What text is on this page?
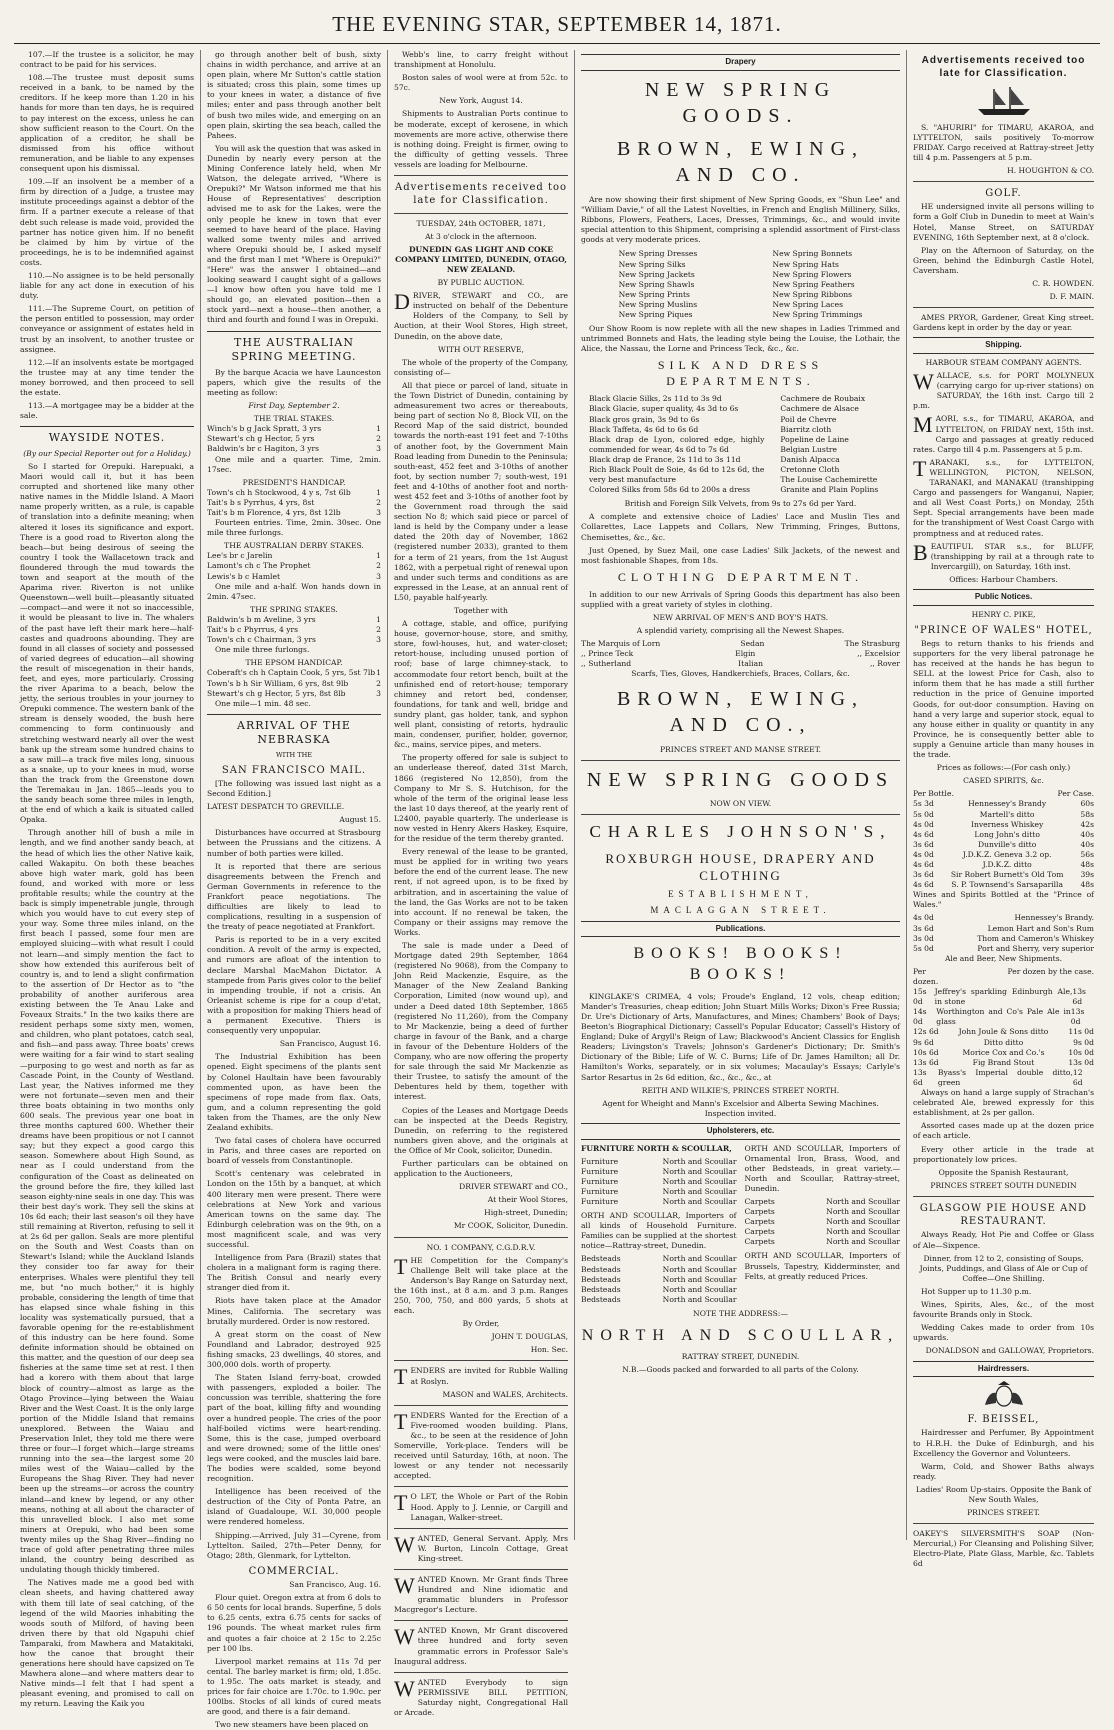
THE EVENING STAR, SEPTEMBER 14, 1871.

107.—If the trustee is a solicitor, he may contract to be paid for his services.

108.—The trustee must deposit sums received in a bank, to be named by the creditors. If he keep more than 1.20 in his hands for more than ten days, he is required to pay interest on the excess, unless he can show sufficient reason to the Court. On the application of a creditor, he shall be dismissed from his office without remuneration, and be liable to any expenses consequent upon his dismissal.

109.—If an insolvent be a member of a firm by direction of a Judge, a trustee may institute proceedings against a debtor of the firm. If a partner execute a release of that debt such release is made void, provided the partner has notice given him. If no benefit be claimed by him by virtue of the proceedings, he is to be indemnified against costs.

110.—No assignee is to be held personally liable for any act done in execution of his duty.

111.—The Supreme Court, on petition of the person entitled to possession, may order conveyance or assignment of estates held in trust by an insolvent, to another trustee or assignee.

112.—If an insolvents estate be mortgaged the trustee may at any time tender the money borrowed, and then proceed to sell the estate.

113.—A mortgagee may be a bidder at the sale.

WAYSIDE NOTES.

(By our Special Reporter out for a Holiday.)

So I started for Orepuki. Harepuaki, a Maori would call it, but it has been corrupted and shortened like many other native names in the Middle Island. A Maori name properly written, as a rule, is capable of translation into a definite meaning; when altered it loses its significance and export. There is a good road to Riverton along the beach—but being desirous of seeing the country I took the Wallacetown track and floundered through the mud towards the town and seaport at the mouth of the Aparima river. Riverton is not unlike Queenstown—well built—pleasantly situated—compact—and were it not so inaccessible, it would be pleasant to live in. The whalers of the past have left their mark here—half-castes and quadroons abounding. They are found in all classes of society and possessed of varied degrees of education—all showing the result of miscegenation in their hands, feet, and eyes, more particularly. Crossing the river Aparima to a beach, below the jetty, the serious troubles in your journey to Orepuki commence. The western bank of the stream is densely wooded, the bush here commencing to form continuously and stretching westward nearly all over the west bank up the stream some hundred chains to a saw mill—a track five miles long, sinuous as a snake, up to your knees in mud, worse than the track from the Greenstone down the Teremakau in Jan. 1865—leads you to the sandy beach some three miles in length, at the end of which a kaik is situated called Opaka.

Through another hill of bush a mile in length, and we find another sandy beach, at the head of which lies the other Native kaik, called Wakapitu. On both these beaches above high water mark, gold has been found, and worked with more or less profitable results; while the country at the back is simply impenetrable jungle, through which you would have to cut every step of your way. Some three miles inland, on the first beach I passed, some four men are employed sluicing—with what result I could not learn—and simply mention the fact to show how extended this auriferous belt of country is, and to lend a slight confirmation to the assertion of Dr Hector as to "the probability of another auriferous area existing between the Te Anau Lake and Foveaux Straits." In the two kaiks there are resident perhaps some sixty men, women, and children, who plant potatoes, catch seal, and fish—and pass away. Three boats' crews were waiting for a fair wind to start sealing—purposing to go west and north as far as Cascade Point, in the County of Westland. Last year, the Natives informed me they were not fortunate—seven men and their three boats obtaining in two months only 600 seals. The previous year one boat in three months captured 600. Whether their dreams have been propitious or not I cannot say; but they expect a good cargo this season. Somewhere about High Sound, as near as I could understand from the configuration of the Coast as delineated on the ground before the fire, they killed last season eighty-nine seals in one day. This was their best day's work. They sell the skins at 10s 6d each; their last season's oil they have still remaining at Riverton, refusing to sell it at 2s 6d per gallon. Seals are more plentiful on the South and West Coasts than on Stewart's Island; while the Auckland Islands they consider too far away for their enterprises. Whales were plentiful they tell me, but "no much bother," it is highly probable, considering the length of time that has elapsed since whale fishing in this locality was systematically pursued, that a favorable opening for the re-establishment of this industry can be here found. Some definite information should be obtained on this matter, and the question of our deep sea fisheries at the same time set at rest. I then had a korero with them about that large block of country—almost as large as the Otago Province—lying between the Waiau River and the West Coast. It is the only large portion of the Middle Island that remains unexplored. Between the Waiau and Preservation Inlet, they told me there were three or four—I forget which—large streams running into the sea—the largest some 20 miles west of the Waiau—called by the Europeans the Shag River. They had never been up the streams—or across the country inland—and knew by legend, or any other means, nothing at all about the character of this unravelled block. I also met some miners at Orepuki, who had been some twenty miles up the Shag River—finding no trace of gold after penetrating three miles inland, the country being described as undulating though thickly timbered.

The Natives made me a good bed with clean sheets, and having chattered away with them till late of seal catching, of the legend of the wild Maories inhabiting the woods south of Milford, of having been driven there by that old Ngapuhi chief Tamparaki, from Mawhera and Matakitaki, how the canoe that brought their generations here should have capsized on Te Mawhera alone—and where matters dear to Native minds—I felt that I had spent a pleasant evening, and promised to call on my return. Leaving the Kaik you

go through another belt of bush, sixty chains in width perchance, and arrive at an open plain, where Mr Sutton's cattle station is situated; cross this plain, some times up to your knees in water, a distance of five miles; enter and pass through another belt of bush two miles wide, and emerging on an open plain, skirting the sea beach, called the Pahees.

You will ask the question that was asked in Dunedin by nearly every person at the Mining Conference lately held, when Mr Watson, the delegate arrived, "Where is Orepuki?" Mr Watson informed me that his House of Representatives' description advised me to ask for the Lakes, were the only people he knew in town that ever seemed to have heard of the place. Having walked some twenty miles and arrived where Orepuki should be, I asked myself and the first man I met "Where is Orepuki?" "Here" was the answer I obtained—and looking seaward I caught sight of a gallows—I know how often you have told me I should go, an elevated position—then a stock yard—next a house—then another, a third and fourth and found I was in Orepuki.

THE AUSTRALIAN SPRING MEETING.

By the barque Acacia we have Launceston papers, which give the results of the meeting as follow:

First Day, September 2.

THE TRIAL STAKES.
Winch's b g Jack Spratt, 3 yrs	1
Stewart's ch g Hector, 5 yrs	2
Baldwin's br c Hagiton, 3 yrs	3

One mile and a quarter. Time, 2min. 17sec.

PRESIDENT'S HANDICAP.
Town's ch h Stockwood, 4 y s, 7st 6lb	1
Tait's b s Pyrrhus, 4 yrs, 8st	2
Tait's b m Florence, 4 yrs, 8st 12lb	3

Fourteen entries. Time, 2min. 30sec. One mile three furlongs.

THE AUSTRALIAN DERBY STAKES.
Lee's br c Jarelin	1
Lamont's ch c The Prophet	2
Lewis's b c Hamlet	3

One mile and a-half. Won hands down in 2min. 47sec.

THE SPRING STAKES.
Baldwin's b m Aveline, 3 yrs	1
Tait's b c Phyrrus, 4 yrs	2
Town's ch c Chairman, 3 yrs	3

One mile three furlongs.

THE EPSOM HANDICAP.
Coberaft's ch h Captain Cook, 5 yrs, 5st 7lb 1
Town's b h Sir William, 6 yrs, 8st 9lb	2
Stewart's ch g Hector, 5 yrs, 8st 8lb	3

One mile—1 min. 48 sec.

ARRIVAL OF THE NEBRASKA
WITH THE
SAN FRANCISCO MAIL.

[The following was issued last night as a Second Edition.]

LATEST DESPATCH TO GREVILLE.

August 15.

Disturbances have occurred at Strasbourg between the Prussians and the citizens. A number of both parties were killed.

It is reported that there are serious disagreements between the French and German Governments in reference to the Frankfort peace negotiations. The difficulties are likely to lead to complications, resulting in a suspension of the treaty of peace negotiated at Frankfort.

Paris is reported to be in a very excited condition. A revolt of the army is expected, and rumors are afloat of the intention to declare Marshal MacMahon Dictator. A stampede from Paris gives color to the belief in impending trouble, if not a crisis. An Orleanist scheme is ripe for a coup d'etat, with a proposition for making Thiers head of a permanent Executive. Thiers is consequently very unpopular.

San Francisco, August 16.

The Industrial Exhibition has been opened. Eight specimens of the plants sent by Colonel Haultain have been favourably commented upon, as have been the specimens of rope made from flax. Oats, gum, and a column representing the gold taken from the Thames, are the only New Zealand exhibits.

Two fatal cases of cholera have occurred in Paris, and three cases are reported on board of vessels from Constantinople.

Scott's centenary was celebrated in London on the 15th by a banquet, at which 400 literary men were present. There were celebrations at New York and various American towns on the same day. The Edinburgh celebration was on the 9th, on a most magnificent scale, and was very successful.

Intelligence from Para (Brazil) states that cholera in a malignant form is raging there. The British Consul and nearly every stranger died from it.

Riots have taken place at the Amador Mines, California. The secretary was brutally murdered. Order is now restored.

A great storm on the coast of New Foundland and Labrador, destroyed 925 fishing smacks, 23 dwellings, 40 stores, and 300,000 dols. worth of property.

The Staten Island ferry-boat, crowded with passengers, exploded a boiler. The concussion was terrible, shattering the fore part of the boat, killing fifty and wounding over a hundred people. The cries of the poor half-boiled victims were heart-rending. Some, this is the case, jumped overboard and were drowned; some of the little ones' legs were cooked, and the muscles laid bare. The bodies were scalded, some beyond recognition.

Intelligence has been received of the destruction of the City of Ponta Patre, an island of Guadaloupe, W.I. 30,000 people were rendered homeless.

Shipping.—Arrived, July 31—Cyrene, from Lyttelton. Sailed, 27th—Peter Denny, for Otago; 28th, Glenmark, for Lyttelton.

COMMERCIAL.

San Francisco, Aug. 16.

Flour quiet. Oregon extra at from 6 dols to 6 50 cents for local brands. Superfine, 5 dols to 6.25 cents, extra 6.75 cents for sacks of 196 pounds. The wheat market rules firm and quotes a fair choice at 2 15c to 2.25c per 100 lbs.

Liverpool market remains at 11s 7d per cental. The barley market is firm; old, 1.85c. to 1.95c. The oats market is steady, and prices for fair choice are 1.70c. to 1.90c. per 100lbs. Stocks of all kinds of cured meats are good, and there is a fair demand.

Two new steamers have been placed on

Webb's line, to carry freight without transhipment at Honolulu.

Boston sales of wool were at from 52c. to 57c.

New York, August 14.

Shipments to Australian Ports continue to be moderate, except of kerosene, in which movements are more active, otherwise there is nothing doing. Freight is firmer, owing to the difficulty of getting vessels. Three vessels are loading for Melbourne.

Advertisements received too late for Classification.

TUESDAY, 24th OCTOBER, 1871,

At 3 o'clock in the afternoon.

DUNEDIN GAS LIGHT AND COKE COMPANY LIMITED, DUNEDIN, OTAGO, NEW ZEALAND.

BY PUBLIC AUCTION.

DRIVER, STEWART and CO., are instructed on behalf of the Debenture Holders of the Company, to Sell by Auction, at their Wool Stores, High street, Dunedin, on the above date,

WITH OUT RESERVE,

The whole of the property of the Company, consisting of—

All that piece or parcel of land, situate in the Town District of Dunedin, containing by admeasurement two acres or thereabouts, being part of section No 8, Block VII, on the Record Map of the said district, bounded towards the north-east 191 feet and 7-10ths of another foot, by the Government Main Road leading from Dunedin to the Peninsula; south-east, 452 feet and 3-10ths of another foot, by section number 7; south-west, 191 feet and 4-10ths of another foot and north-west 452 feet and 3-10ths of another foot by the Government road through the said section No 8; which said piece or parcel of land is held by the Company under a lease dated the 20th day of November, 1862 (registered number 2033), granted to them for a term of 21 years, from the 1st August 1862, with a perpetual right of renewal upon and under such terms and conditions as are expressed in the Lease, at an annual rent of L50, payable half-yearly.

Together with

A cottage, stable, and office, purifying house, governor-house, store, and smithy, store, fowl-houses, hut, and water-closet; retort-house, including unused portion of roof; base of large chimney-stack, to accommodate four retort bench, built at the unfinished end of retort-house; temporary chimney and retort bed, condenser, foundations, for tank and well, bridge and sundry plant, gas holder, tank, and syphon well plant, consisting of retorts, hydraulic main, condenser, purifier, holder, governor, &c., mains, service pipes, and meters.

The property offered for sale is subject to an underlease thereof, dated 31st March, 1866 (registered No 12,850), from the Company to Mr S. S. Hutchison, for the whole of the term of the original lease less the last 10 days thereof, at the yearly rent of L2400, payable quarterly. The underlease is now vested in Henry Akers Haskey, Esquire, for the residue of the term thereby granted.

Every renewal of the lease to be granted, must be applied for in writing two years before the end of the current lease. The new rent, if not agreed upon, is to be fixed by arbitration, and in ascertaining the value of the land, the Gas Works are not to be taken into account. If no renewal be taken, the Company or their assigns may remove the Works.

The sale is made under a Deed of Mortgage dated 29th September, 1864 (registered No 9068), from the Company to John Reid Mackenzie, Esquire, as the Manager of the New Zealand Banking Corporation, Limited (now wound up), and under a Deed dated 18th September, 1865 (registered No 11,260), from the Company to Mr Mackenzie, being a deed of further charge in favour of the Bank, and a charge in favour of the Debenture Holders of the Company, who are now offering the property for sale through the said Mr Mackenzie as their Trustee, to satisfy the amount of the Debentures held by them, together with interest.

Copies of the Leases and Mortgage Deeds can be inspected at the Deeds Registry, Dunedin, on referring to the registered numbers given above, and the originals at the Office of Mr Cook, solicitor, Dunedin.

Further particulars can be obtained on application to the Auctioneers,

DRIVER STEWART and CO.,

At their Wool Stores,

High-street, Dunedin;

Mr COOK, Solicitor, Dunedin.

NO. 1 COMPANY, C.G.D.R.V.

THE Competition for the Company's Challenge Belt will take place at the Anderson's Bay Range on Saturday next, the 16th inst., at 8 a.m. and 3 p.m. Ranges 250, 700, 750, and 800 yards, 5 shots at each.

By Order,

JOHN T. DOUGLAS,

Hon. Sec.

TENDERS are invited for Rubble Walling at Roslyn.

MASON and WALES, Architects.

TENDERS Wanted for the Erection of a Five-roomed wooden building. Plans, &c., to be seen at the residence of John Somerville, York-place. Tenders will be received until Saturday, 16th, at noon. The lowest or any tender not necessarily accepted.

T O LET, the Whole or Part of the Robin Hood. Apply to J. Lennie, or Cargill and Lanagan, Walker-street.

WANTED, General Servant. Apply, Mrs W. Burton, Lincoln Cottage, Great King-street.

WANTED Known. Mr Grant finds Three Hundred and Nine idiomatic and grammatic blunders in Professor Macgregor's Lecture.

WANTED Known, Mr Grant discovered three hundred and forty seven grammatic errors in Professor Sale's Inaugural address.

WANTED Everybody to sign PERMISSIVE BILL PETITION, Saturday night, Congregational Hall or Arcade.

Drapery
NEW SPRING GOODS.
BROWN, EWING, AND CO.

Are now showing their first shipment of New Spring Goods, ex "Shun Lee" and "William Davie," of all the Latest Novelties, in French and English Millinery, Silks, Ribbons, Flowers, Feathers, Laces, Dresses, Trimmings, &c., and would invite special attention to this Shipment, comprising a splendid assortment of First-class goods at very moderate prices.

New Spring Dresses
New Spring Silks
New Spring Jackets
New Spring Shawls
New Spring Prints
New Spring Muslins
New Spring Piques
New Spring Bonnets
New Spring Hats
New Spring Flowers
New Spring Feathers
New Spring Ribbons
New Spring Laces
New Spring Trimmings

Our Show Room is now replete with all the new shapes in Ladies Trimmed and untrimmed Bonnets and Hats, the leading style being the Louise, the Lothair, the Alice, the Nassau, the Lorne and Princess Teck, &c., &c.

SILK AND DRESS DEPARTMENTS.
Black Glacie Silks, 2s 11d to 3s 9d
Black Glacie, super quality, 4s 3d to 6s
Black gros grain, 3s 9d to 6s
Black Taffeta, 4s 6d to 6s 6d
Black drap de Lyon, colored edge, highly commended for wear, 4s 6d to 7s 6d
Black drap de France, 2s 11d to 3s 11d
Rich Black Poult de Soie, 4s 6d to 12s 6d, the very best manufacture
Colored Silks from 58s 6d to 200s a dress
Cachmere de Roubaix
Cachmere de Alsace
Poil de Chevre
Biarritz cloth
Popeline de Laine
Belgian Lustre
Danish Alpacca
Cretonne Cloth
The Louise Cachemirette
Granite and Plain Poplins

British and Foreign Silk Velvets, from 9s to 27s 6d per Yard.

A complete and extensive choice of Ladies' Lace and Muslin Ties and Collarettes, Lace Lappets and Collars, New Trimming, Fringes, Buttons, Chemisettes, &c., &c.

Just Opened, by Suez Mail, one case Ladies' Silk Jackets, of the newest and most fashionable Shapes, from 18s.

CLOTHING DEPARTMENT.

In addition to our new Arrivals of Spring Goods this department has also been supplied with a great variety of styles in clothing.

NEW ARRIVAL OF MEN'S AND BOY'S HATS.

A splendid variety, comprising all the Newest Shapes.

The Marquis of Lorn	Sedan	The Strasburg
,, Prince Teck	Elgin	,, Excelsior
,, Sutherland	Italian	,, Rover

Scarfs, Ties, Gloves, Handkerchiefs, Braces, Collars, &c.

BROWN, EWING, AND CO.,

PRINCES STREET AND MANSE STREET.

NEW SPRING GOODS

NOW ON VIEW.

CHARLES JOHNSON'S,
ROXBURGH HOUSE, DRAPERY AND CLOTHING
ESTABLISHMENT,
MACLAGGAN STREET.
Publications.
BOOKS! BOOKS! BOOKS!

KINGLAKE'S CRIMEA, 4 vols; Froude's England, 12 vols, cheap edition; Mander's Treasuries, cheap edition; John Stuart Mills Works; Dixon's Free Russia; Dr. Ure's Dictionary of Arts, Manufactures, and Mines; Chambers' Book of Days; Beeton's Biographical Dictionary; Cassell's Popular Educator; Cassell's History of England; Duke of Argyll's Reign of Law; Blackwood's Ancient Classics for English Readers; Livingston's Travels; Johnson's Gardener's Dictionary; Dr. Smith's Dictionary of the Bible; Life of W. C. Burns; Life of Dr. James Hamilton; all Dr. Hamilton's Works, separately, or in six volumes; Macaulay's Essays; Carlyle's Sartor Resartus in 2s 6d edition, &c., &c., &c., at

REITH AND WILKIE'S, PRINCES STREET NORTH.

Agent for Wheight and Mann's Excelsior and Alberta Sewing Machines. Inspection invited.

Upholsterers, etc.

FURNITURE NORTH & SCOULLAR,

Furniture	North and Scoullar
Furniture	North and Scoullar
Furniture	North and Scoullar
Furniture	North and Scoullar
Furniture	North and Scoullar

ORTH AND SCOULLAR, Importers of all kinds of Household Furniture. Families can be supplied at the shortest notice—Rattray-street, Dunedin.

Bedsteads	North and Scoullar
Bedsteads	North and Scoullar
Bedsteads	North and Scoullar
Bedsteads	North and Scoullar
Bedsteads	North and Scoullar

ORTH AND SCOULLAR, Importers of Ornamental Iron, Brass, Wood, and other Bedsteads, in great variety.—North and Scoullar, Rattray-street, Dunedin.

Carpets	North and Scoullar
Carpets	North and Scoullar
Carpets	North and Scoullar
Carpets	North and Scoullar
Carpets	North and Scoullar

ORTH AND SCOULLAR, Importers of Brussels, Tapestry, Kidderminster, and Felts, at greatly reduced Prices.

NOTE THE ADDRESS:—

NORTH AND SCOULLAR,

RATTRAY STREET, DUNEDIN.

N.B.—Goods packed and forwarded to all parts of the Colony.

Advertisements received too late for Classification.

S. "AHURIRI" for TIMARU, AKAROA, and LYTTELTON, sails positively To-morrow FRIDAY. Cargo received at Rattray-street Jetty till 4 p.m. Passengers at 5 p.m.

H. HOUGHTON & CO.

GOLF.

HE undersigned invite all persons willing to form a Golf Club in Dunedin to meet at Wain's Hotel, Manse Street, on SATURDAY EVENING, 16th September next, at 8 o'clock.

Play on the Afternoon of Saturday, on the Green, behind the Edinburgh Castle Hotel, Caversham.

C. R. HOWDEN.

D. F. MAIN.

AMES PRYOR, Gardener, Great King street. Gardens kept in order by the day or year.

Shipping.

HARBOUR STEAM COMPANY AGENTS.

WALLACE, s.s. for PORT MOLYNEUX (carrying cargo for up-river stations) on SATURDAY, the 16th inst. Cargo till 2 p.m.

MAORI, s.s., for TIMARU, AKAROA, and LYTTELTON, on FRIDAY next, 15th inst. Cargo and passages at greatly reduced rates. Cargo till 4 p.m. Passengers at 5 p.m.

TARANAKI, s.s., for LYTTELTON, WELLINGTON, PICTON, NELSON, TARANAKI, and MANAKAU (transhipping Cargo and passengers for Wanganui, Napier, and all West Coast Ports,) on Monday, 25th Sept. Special arrangements have been made for the transhipment of West Coast Cargo with promptness and at reduced rates.

BEAUTIFUL STAR s.s., for BLUFF, (transhipping by rail at a through rate to Invercargill), on Saturday, 16th inst.

Offices: Harbour Chambers.

Public Notices.

HENRY C. PIKE,

"PRINCE OF WALES" HOTEL,

Begs to return thanks to his friends and supporters for the very liberal patronage he has received at the hands he has begun to SELL at the lowest Price for Cash, also to inform them that he has made a still further reduction in the price of Genuine imported Goods, for out-door consumption. Having on hand a very large and superior stock, equal to any house either in quality or quantity in any Province, he is consequently better able to supply a Genuine article than many houses in the trade.

Prices as follows:—(For cash only.)

CASED SPIRITS, &c.

Per Bottle.	Per Case.
5s 3d	Hennessey's Brandy	60s
5s 0d	Martell's ditto	58s
4s 0d	Inverness Whiskey	42s
4s 6d	Long John's ditto	40s
3s 6d	Dunville's ditto	40s
4s 0d	J.D.K.Z. Geneva 3.2 op.	56s
4s 6d	J.D.K.Z. ditto	48s
3s 6d Sir Robert Burnett's Old Tom 39s
4s 6d S. P. Townsend's Sarsaparilla 48s

Wines and Spirits Bottled at the "Prince of Wales."

4s 0d	Hennessey's Brandy.
3s 6d	Lemon Hart and Son's Rum
3s 0d	Thom and Cameron's Whiskey
5s 0d	Port and Sherry, very superior

Ale and Beer, New Shipments.

Per	Per dozen by the case.
dozen.
15s 0d
Jeffrey's sparkling Edinburgh Ale, in stone
13s 6d
14s 0d
Worthington and Co's Pale Ale in glass
13s 0d
12s 6d	John Joule & Sons ditto	11s 0d
9s 6d	Ditto ditto	9s 0d
10s 6d	Morice Cox and Co.'s	10s 0d
13s 6d	Fig Brand Stout	13s 0d
13s 6d
Byass's Imperial double ditto, green
12 6d

Always on hand a large supply of Strachan's celebrated Ale, brewed expressly for this establishment, at 2s per gallon.

Assorted cases made up at the dozen price of each article.

Every other article in the trade at proportionately low prices.

Opposite the Spanish Restaurant,

PRINCES STREET SOUTH DUNEDIN

GLASGOW PIE HOUSE AND RESTAURANT.

Always Ready, Hot Pie and Coffee or Glass of Ale—Sixpence.

Dinner, from 12 to 2, consisting of Soups, Joints, Puddings, and Glass of Ale or Cup of Coffee—One Shilling.

Hot Supper up to 11.30 p.m.

Wines, Spirits, Ales, &c., of the most favourite Brands only in Stock.

Wedding Cakes made to order from 10s upwards.

DONALDSON and GALLOWAY, Proprietors.

Hairdressers.
F. BEISSEL,

Hairdresser and Perfumer, By Appointment to H.R.H. the Duke of Edinburgh, and his Excellency the Governor and Volunteers.

Warm, Cold, and Shower Baths always ready.

Ladies' Room Up-stairs. Opposite the Bank of New South Wales,

PRINCES STREET.

OAKEY'S SILVERSMITH'S SOAP (Non-Mercurial,) For Cleansing and Polishing Silver, Electro-Plate, Plate Glass, Marble, &c. Tablets 6d
